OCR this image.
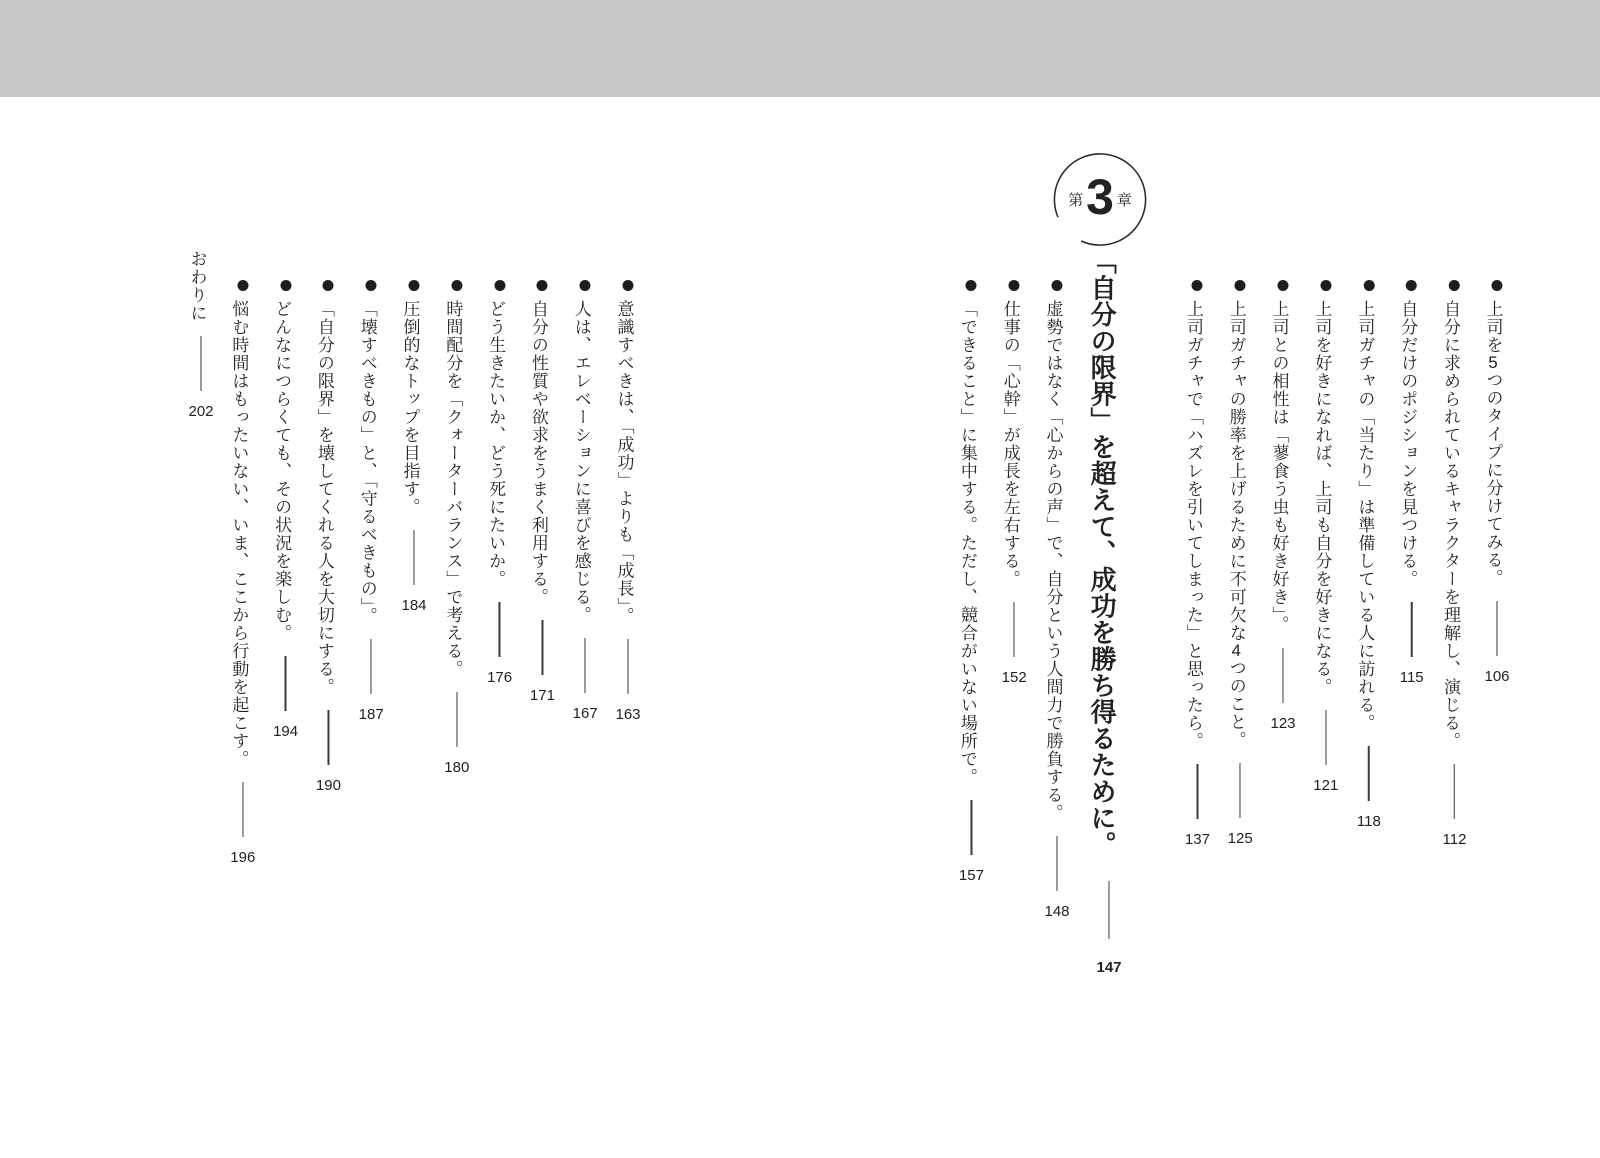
第 3 章
「自分の限界」を超えて、成功を勝ち得るために。  147
上司を5つのタイプに分けてみる。106
自分に求められているキャラクターを理解し、演じる。112
自分だけのポジションを見つける。115
上司ガチャの「当たり」は準備している人に訪れる。118
上司を好きになれば、上司も自分を好きになる。121
上司との相性は「蓼食う虫も好き好き」。123
上司ガチャの勝率を上げるために不可欠な4つのこと。125
上司ガチャで「ハズレを引いてしまった」と思ったら。137
虚勢ではなく「心からの声」で、自分という人間力で勝負する。148
仕事の「心幹」が成長を左右する。152
「できること」に集中する。ただし、競合がいない場所で。157
意識すべきは、「成功」よりも「成長」。163
人は、エレベーションに喜びを感じる。167
自分の性質や欲求をうまく利用する。171
どう生きたいか、どう死にたいか。176
時間配分を「クォーターバランス」で考える。180
圧倒的なトップを目指す。184
「壊すべきもの」と、「守るべきもの」。187
「自分の限界」を壊してくれる人を大切にする。190
どんなにつらくても、その状況を楽しむ。194
悩む時間はもったいない、いま、ここから行動を起こす。196
おわりに202
